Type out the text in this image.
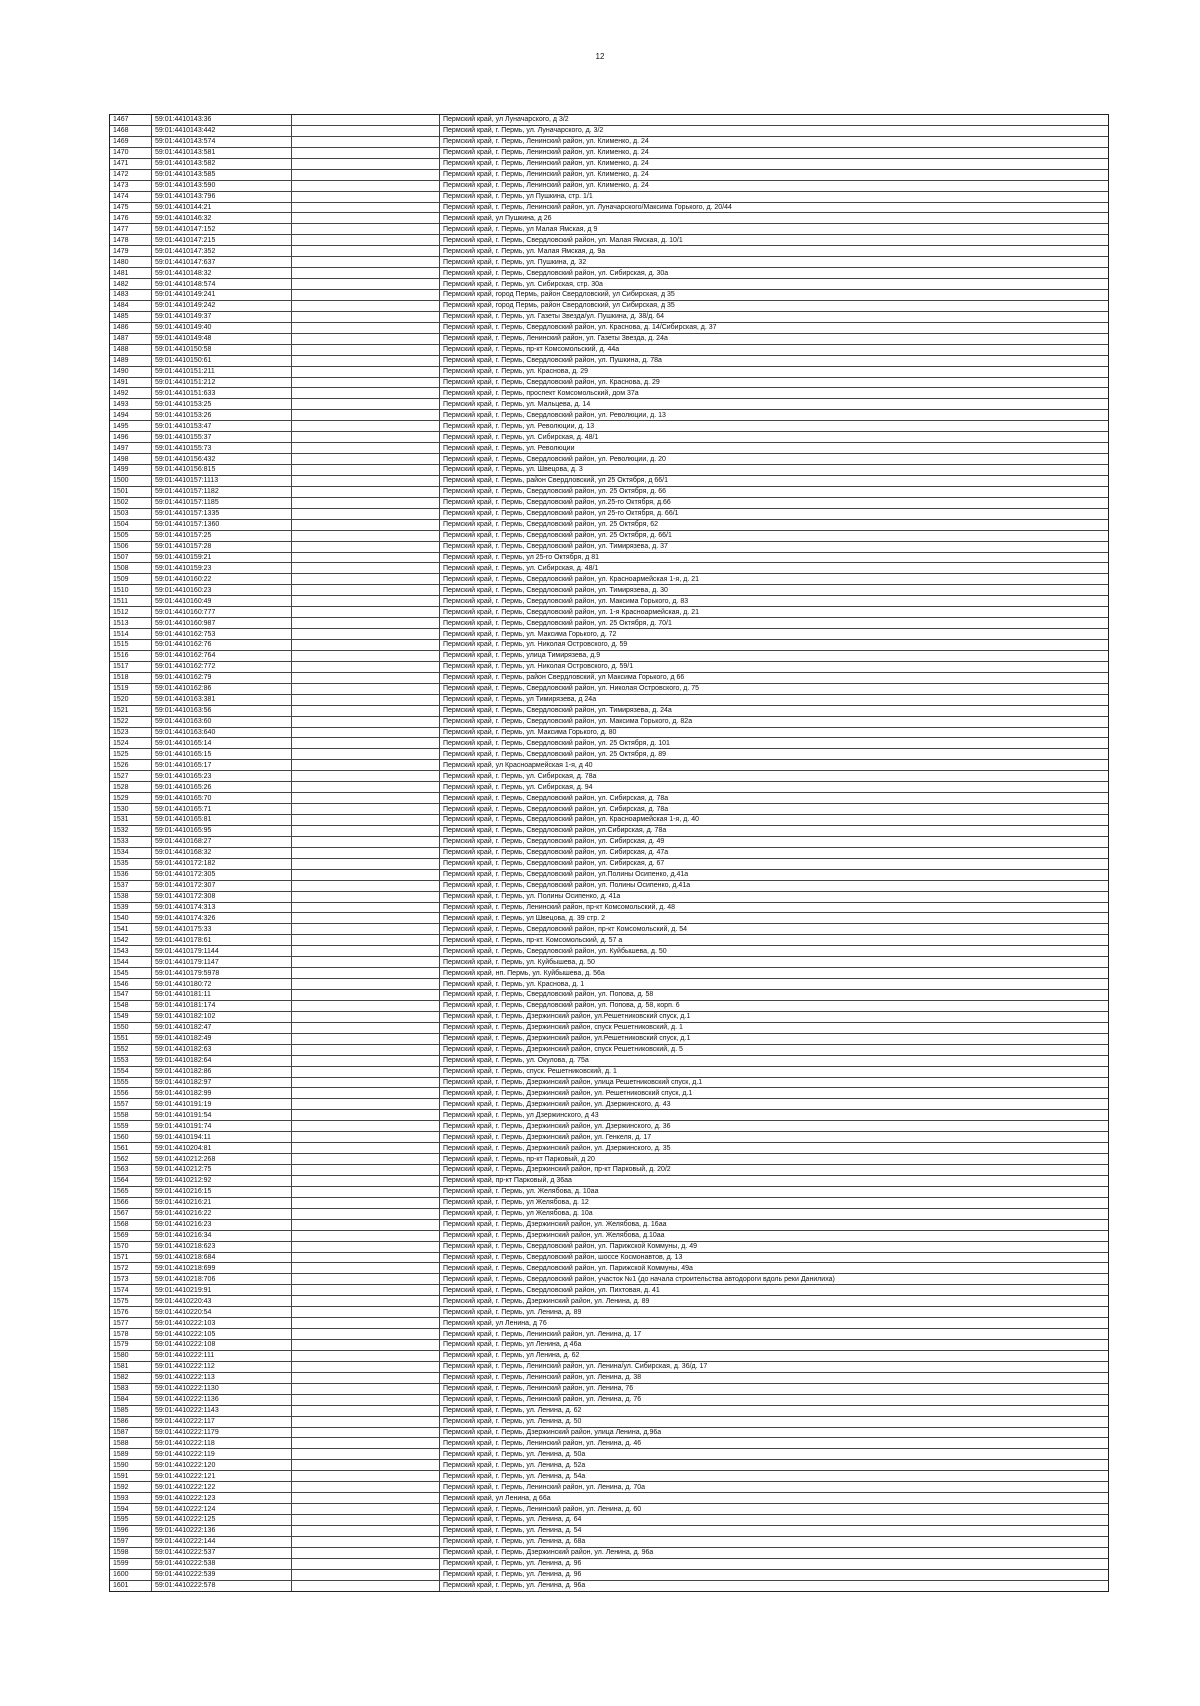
12
1467	59:01:4410143:36	Пермский край, ул Луначарского, д 3/2
1468	59:01:4410143:442	Пермский край, г. Пермь, ул. Луначарского, д. 3/2
1469	59:01:4410143:574	Пермский край, г. Пермь, Ленинский район, ул. Клименко, д. 24
1470	59:01:4410143:581	Пермский край, г. Пермь, Ленинский район, ул. Клименко, д. 24
1471	59:01:4410143:582	Пермский край, г. Пермь, Ленинский район, ул. Клименко, д. 24
1472	59:01:4410143:585	Пермский край, г. Пермь, Ленинский район, ул. Клименко, д. 24
1473	59:01:4410143:590	Пермский край, г. Пермь, Ленинский район, ул. Клименко, д. 24
1474	59:01:4410143:796	Пермский край, г. Пермь, ул Пушкина, стр. 1/1
1475	59:01:4410144:21	Пермский край, г. Пермь, Ленинский район, ул. Луначарского/Максима Горького, д. 20/44
1476	59:01:4410146:32	Пермский край, ул Пушкина, д 26
1477	59:01:4410147:152	Пермский край, г. Пермь, ул Малая Ямская, д 9
1478	59:01:4410147:215	Пермский край, г. Пермь, Свердловский район, ул. Малая Ямская, д. 10/1
1479	59:01:4410147:352	Пермский край, г. Пермь, ул. Малая Ямская, д. 9а
1480	59:01:4410147:637	Пермский край, г. Пермь, ул. Пушкина, д. 32
1481	59:01:4410148:32	Пермский край, г. Пермь, Свердловский район, ул. Сибирская, д. 30а
1482	59:01:4410148:574	Пермский край, г. Пермь, ул. Сибирская, стр. 30а
1483	59:01:4410149:241	Пермский край, город Пермь, район Свердловский, ул Сибирская, д 35
1484	59:01:4410149:242	Пермский край, город Пермь, район Свердловский, ул Сибирская, д 35
1485	59:01:4410149:37	Пермский край, г. Пермь, ул. Газеты Звезда/ул. Пушкина, д. 38/д. 64
1486	59:01:4410149:40	Пермский край, г. Пермь, Свердловский район, ул. Краснова, д. 14/Сибирская, д. 37
1487	59:01:4410149:48	Пермский край, г. Пермь, Ленинский район, ул. Газеты Звезда, д. 24а
1488	59:01:4410150:58	Пермский край, г. Пермь, пр-кт Комсомольский, д. 44а
1489	59:01:4410150:61	Пермский край, г. Пермь, Свердловский район, ул. Пушкина, д. 78а
1490	59:01:4410151:211	Пермский край, г. Пермь, ул. Краснова, д. 29
1491	59:01:4410151:212	Пермский край, г. Пермь, Свердловский район, ул. Краснова, д. 29
1492	59:01:4410151:633	Пермский край, г. Пермь, проспект Комсомольский, дом 37а
1493	59:01:4410153:25	Пермский край, г. Пермь, ул. Мальцева, д. 14
1494	59:01:4410153:26	Пермский край, г. Пермь, Свердловский район, ул. Революции, д. 13
1495	59:01:4410153:47	Пермский край, г. Пермь, ул. Революции, д. 13
1496	59:01:4410155:37	Пермский край, г. Пермь, ул. Сибирская, д. 48/1
1497	59:01:4410155:73	Пермский край, г. Пермь, ул. Революции
1498	59:01:4410156:432	Пермский край, г. Пермь, Свердловский район, ул. Революции, д. 20
1499	59:01:4410156:815	Пермский край, г. Пермь, ул. Швецова, д. 3
1500	59:01:4410157:1113	Пермский край, г. Пермь, район Свердловский, ул 25 Октября, д 66/1
1501	59:01:4410157:1182	Пермский край, г. Пермь, Свердловский район, ул. 25 Октября, д. 66
1502	59:01:4410157:1185	Пермский край, г. Пермь, Свердловский район, ул.25-го Октября, д.66
1503	59:01:4410157:1335	Пермский край, г. Пермь, Свердловский район, ул 25-го Октября, д. 66/1
1504	59:01:4410157:1360	Пермский край, г. Пермь, Свердловский район, ул. 25 Октября, 62
1505	59:01:4410157:25	Пермский край, г. Пермь, Свердловский район, ул. 25 Октября, д. 66/1
1506	59:01:4410157:28	Пермский край, г. Пермь, Свердловский район, ул. Тимирязева, д. 37
1507	59:01:4410159:21	Пермский край, г. Пермь, ул 25-го Октября, д 81
1508	59:01:4410159:23	Пермский край, г. Пермь, ул. Сибирская, д. 48/1
1509	59:01:4410160:22	Пермский край, г. Пермь, Свердловский район, ул. Красноармейская 1-я, д. 21
1510	59:01:4410160:23	Пермский край, г. Пермь, Свердловский район, ул. Тимирязева, д. 30
1511	59:01:4410160:49	Пермский край, г. Пермь, Свердловский район, ул. Максима Горького, д. 83
1512	59:01:4410160:777	Пермский край, г. Пермь, Свердловский район, ул. 1-я Красноармейская, д. 21
1513	59:01:4410160:987	Пермский край, г. Пермь, Свердловский район, ул. 25 Октября, д. 70/1
1514	59:01:4410162:753	Пермский край, г. Пермь, ул. Максима Горького, д. 72
1515	59:01:4410162:76	Пермский край, г. Пермь, ул. Николая Островского, д. 59
1516	59:01:4410162:764	Пермский край, г. Пермь, улица Тимирязева, д.9
1517	59:01:4410162:772	Пермский край, г. Пермь, ул. Николая Островского, д. 59/1
1518	59:01:4410162:79	Пермский край, г. Пермь, район Свердловский, ул Максима Горького, д 66
1519	59:01:4410162:86	Пермский край, г. Пермь, Свердловский район, ул. Николая Островского, д. 75
1520	59:01:4410163:381	Пермский край, г. Пермь, ул Тимирязева, д 24а
1521	59:01:4410163:56	Пермский край, г. Пермь, Свердловский район, ул. Тимирязева, д. 24а
1522	59:01:4410163:60	Пермский край, г. Пермь, Свердловский район, ул. Максима Горького, д. 82а
1523	59:01:4410163:640	Пермский край, г. Пермь, ул. Максима Горького, д. 80
1524	59:01:4410165:14	Пермский край, г. Пермь, Свердловский район, ул. 25 Октября, д. 101
1525	59:01:4410165:15	Пермский край, г. Пермь, Свердловский район, ул. 25 Октября, д. 89
1526	59:01:4410165:17	Пермский край, ул Красноармейская 1-я, д 40
1527	59:01:4410165:23	Пермский край, г. Пермь, ул. Сибирская, д. 78а
1528	59:01:4410165:26	Пермский край, г. Пермь, ул. Сибирская, д. 94
1529	59:01:4410165:70	Пермский край, г. Пермь, Свердловский район, ул. Сибирская, д. 78а
1530	59:01:4410165:71	Пермский край, г. Пермь, Свердловский район, ул. Сибирская, д. 78а
1531	59:01:4410165:81	Пермский край, г. Пермь, Свердловский район, ул. Красноармейская 1-я, д. 40
1532	59:01:4410165:95	Пермский край, г. Пермь, Свердловский район, ул.Сибирская, д. 78а
1533	59:01:4410168:27	Пермский край, г. Пермь, Свердловский район, ул. Сибирская, д. 49
1534	59:01:4410168:32	Пермский край, г. Пермь, Свердловский район, ул. Сибирская, д. 47а
1535	59:01:4410172:182	Пермский край, г. Пермь, Свердловский район, ул. Сибирская, д. 67
1536	59:01:4410172:305	Пермский край, г. Пермь, Свердловский район, ул.Полины Осипенко, д.41а
1537	59:01:4410172:307	Пермский край, г. Пермь, Свердловский район, ул. Полины Осипенко, д.41а
1538	59:01:4410172:308	Пермский край, г. Пермь, ул. Полины Осипенко, д. 41а
1539	59:01:4410174:313	Пермский край, г. Пермь, Ленинский район, пр-кт Комсомольский, д. 48
1540	59:01:4410174:326	Пермский край, г. Пермь, ул Швецова, д. 39 стр. 2
1541	59:01:4410175:33	Пермский край, г. Пермь, Свердловский район, пр-кт Комсомольский, д. 54
1542	59:01:4410178:61	Пермский край, г. Пермь, пр-кт. Комсомольский, д. 57 а
1543	59:01:4410179:1144	Пермский край, г. Пермь, Свердловский район, ул. Куйбышева, д. 50
1544	59:01:4410179:1147	Пермский край, г. Пермь, ул. Куйбышева, д. 50
1545	59:01:4410179:5978	Пермский край, нп. Пермь, ул. Куйбышева, д. 56а
1546	59:01:4410180:72	Пермский край, г. Пермь, ул. Краснова, д. 1
1547	59:01:4410181:11	Пермский край, г. Пермь, Свердловский район, ул. Попова, д. 58
1548	59:01:4410181:174	Пермский край, г. Пермь, Свердловский район, ул. Попова, д. 58, корп. 6
1549	59:01:4410182:102	Пермский край, г. Пермь, Дзержинский район, ул.Решетниковский спуск, д.1
1550	59:01:4410182:47	Пермский край, г. Пермь, Дзержинский район, спуск Решетниковский, д. 1
1551	59:01:4410182:49	Пермский край, г. Пермь, Дзержинский район, ул.Решетниковский спуск, д.1
1552	59:01:4410182:63	Пермский край, г. Пермь, Дзержинский район, спуск Решетниковский, д. 5
1553	59:01:4410182:64	Пермский край, г. Пермь, ул. Окулова, д. 75а
1554	59:01:4410182:86	Пермский край, г. Пермь, спуск. Решетниковский, д. 1
1555	59:01:4410182:97	Пермский край, г. Пермь, Дзержинский район, улица Решетниковский спуск, д.1
1556	59:01:4410182:99	Пермский край, г. Пермь, Дзержинский район, ул. Решетниковский спуск, д.1
1557	59:01:4410191:19	Пермский край, г. Пермь, Дзержинский район, ул. Дзержинского, д. 43
1558	59:01:4410191:54	Пермский край, г. Пермь, ул Дзержинского, д 43
1559	59:01:4410191:74	Пермский край, г. Пермь, Дзержинский район, ул. Дзержинского, д. 36
1560	59:01:4410194:11	Пермский край, г. Пермь, Дзержинский район, ул. Генкеля, д. 17
1561	59:01:4410204:81	Пермский край, г. Пермь, Дзержинский район, ул. Дзержинского, д. 35
1562	59:01:4410212:268	Пермский край, г. Пермь, пр-кт Парковый, д 20
1563	59:01:4410212:75	Пермский край, г. Пермь, Дзержинский район, пр-кт Парковый, д. 20/2
1564	59:01:4410212:92	Пермский край, пр-кт Парковый, д 36аа
1565	59:01:4410216:15	Пермский край, г. Пермь, ул. Желябова, д. 10аа
1566	59:01:4410216:21	Пермский край, г. Пермь, ул Желябова, д. 12
1567	59:01:4410216:22	Пермский край, г. Пермь, ул Желябова, д. 10а
1568	59:01:4410216:23	Пермский край, г. Пермь, Дзержинский район, ул. Желябова, д. 16аа
1569	59:01:4410216:34	Пермский край, г. Пермь, Дзержинский район, ул. Желябова, д.10аа
1570	59:01:4410218:623	Пермский край, г. Пермь, Свердловский район, ул. Парижской Коммуны, д. 49
1571	59:01:4410218:684	Пермский край, г. Пермь, Свердловский район, шоссе Космонавтов, д. 13
1572	59:01:4410218:699	Пермский край, г. Пермь, Свердловский район, ул. Парижской Коммуны, 49а
1573	59:01:4410218:706	Пермский край, г. Пермь, Свердловский район, участок №1 (до начала строительства автодороги вдоль реки Данилиха)
1574	59:01:4410219:91	Пермский край, г. Пермь, Свердловский район, ул. Пихтовая, д. 41
1575	59:01:4410220:43	Пермский край, г. Пермь, Дзержинский район, ул. Ленина, д. 89
1576	59:01:4410220:54	Пермский край, г. Пермь, ул. Ленина, д. 89
1577	59:01:4410222:103	Пермский край, ул Ленина, д 76
1578	59:01:4410222:105	Пермский край, г. Пермь, Ленинский район, ул. Ленина, д. 17
1579	59:01:4410222:108	Пермский край, г. Пермь, ул Ленина, д 46а
1580	59:01:4410222:111	Пермский край, г. Пермь, ул Ленина, д. 62
1581	59:01:4410222:112	Пермский край, г. Пермь, Ленинский район, ул. Ленина/ул. Сибирская, д. 36/д. 17
1582	59:01:4410222:113	Пермский край, г. Пермь, Ленинский район, ул. Ленина, д. 38
1583	59:01:4410222:1130	Пермский край, г. Пермь, Ленинский район, ул. Ленина, 76
1584	59:01:4410222:1136	Пермский край, г. Пермь, Ленинский район, ул. Ленина, д. 76
1585	59:01:4410222:1143	Пермский край, г. Пермь, ул. Ленина, д. 62
1586	59:01:4410222:117	Пермский край, г. Пермь, ул. Ленина, д. 50
1587	59:01:4410222:1179	Пермский край, г. Пермь, Дзержинский район, улица Ленина, д.96а
1588	59:01:4410222:118	Пермский край, г. Пермь, Ленинский район, ул. Ленина, д. 46
1589	59:01:4410222:119	Пермский край, г. Пермь, ул. Ленина, д. 50а
1590	59:01:4410222:120	Пермский край, г. Пермь, ул. Ленина, д. 52а
1591	59:01:4410222:121	Пермский край, г. Пермь, ул. Ленина, д. 54а
1592	59:01:4410222:122	Пермский край, г. Пермь, Ленинский район, ул. Ленина, д. 70а
1593	59:01:4410222:123	Пермский край, ул Ленина, д 66а
1594	59:01:4410222:124	Пермский край, г. Пермь, Ленинский район, ул. Ленина, д. 60
1595	59:01:4410222:125	Пермский край, г. Пермь, ул. Ленина, д. 64
1596	59:01:4410222:136	Пермский край, г. Пермь, ул. Ленина, д. 54
1597	59:01:4410222:144	Пермский край, г. Пермь, ул. Ленина, д. 68а
1598	59:01:4410222:537	Пермский край, г. Пермь, Дзержинский район, ул. Ленина, д. 96а
1599	59:01:4410222:538	Пермский край, г. Пермь, ул. Ленина, д. 96
1600	59:01:4410222:539	Пермский край, г. Пермь, ул. Ленина, д. 96
1601	59:01:4410222:578	Пермский край, г. Пермь, ул. Ленина, д. 96а
